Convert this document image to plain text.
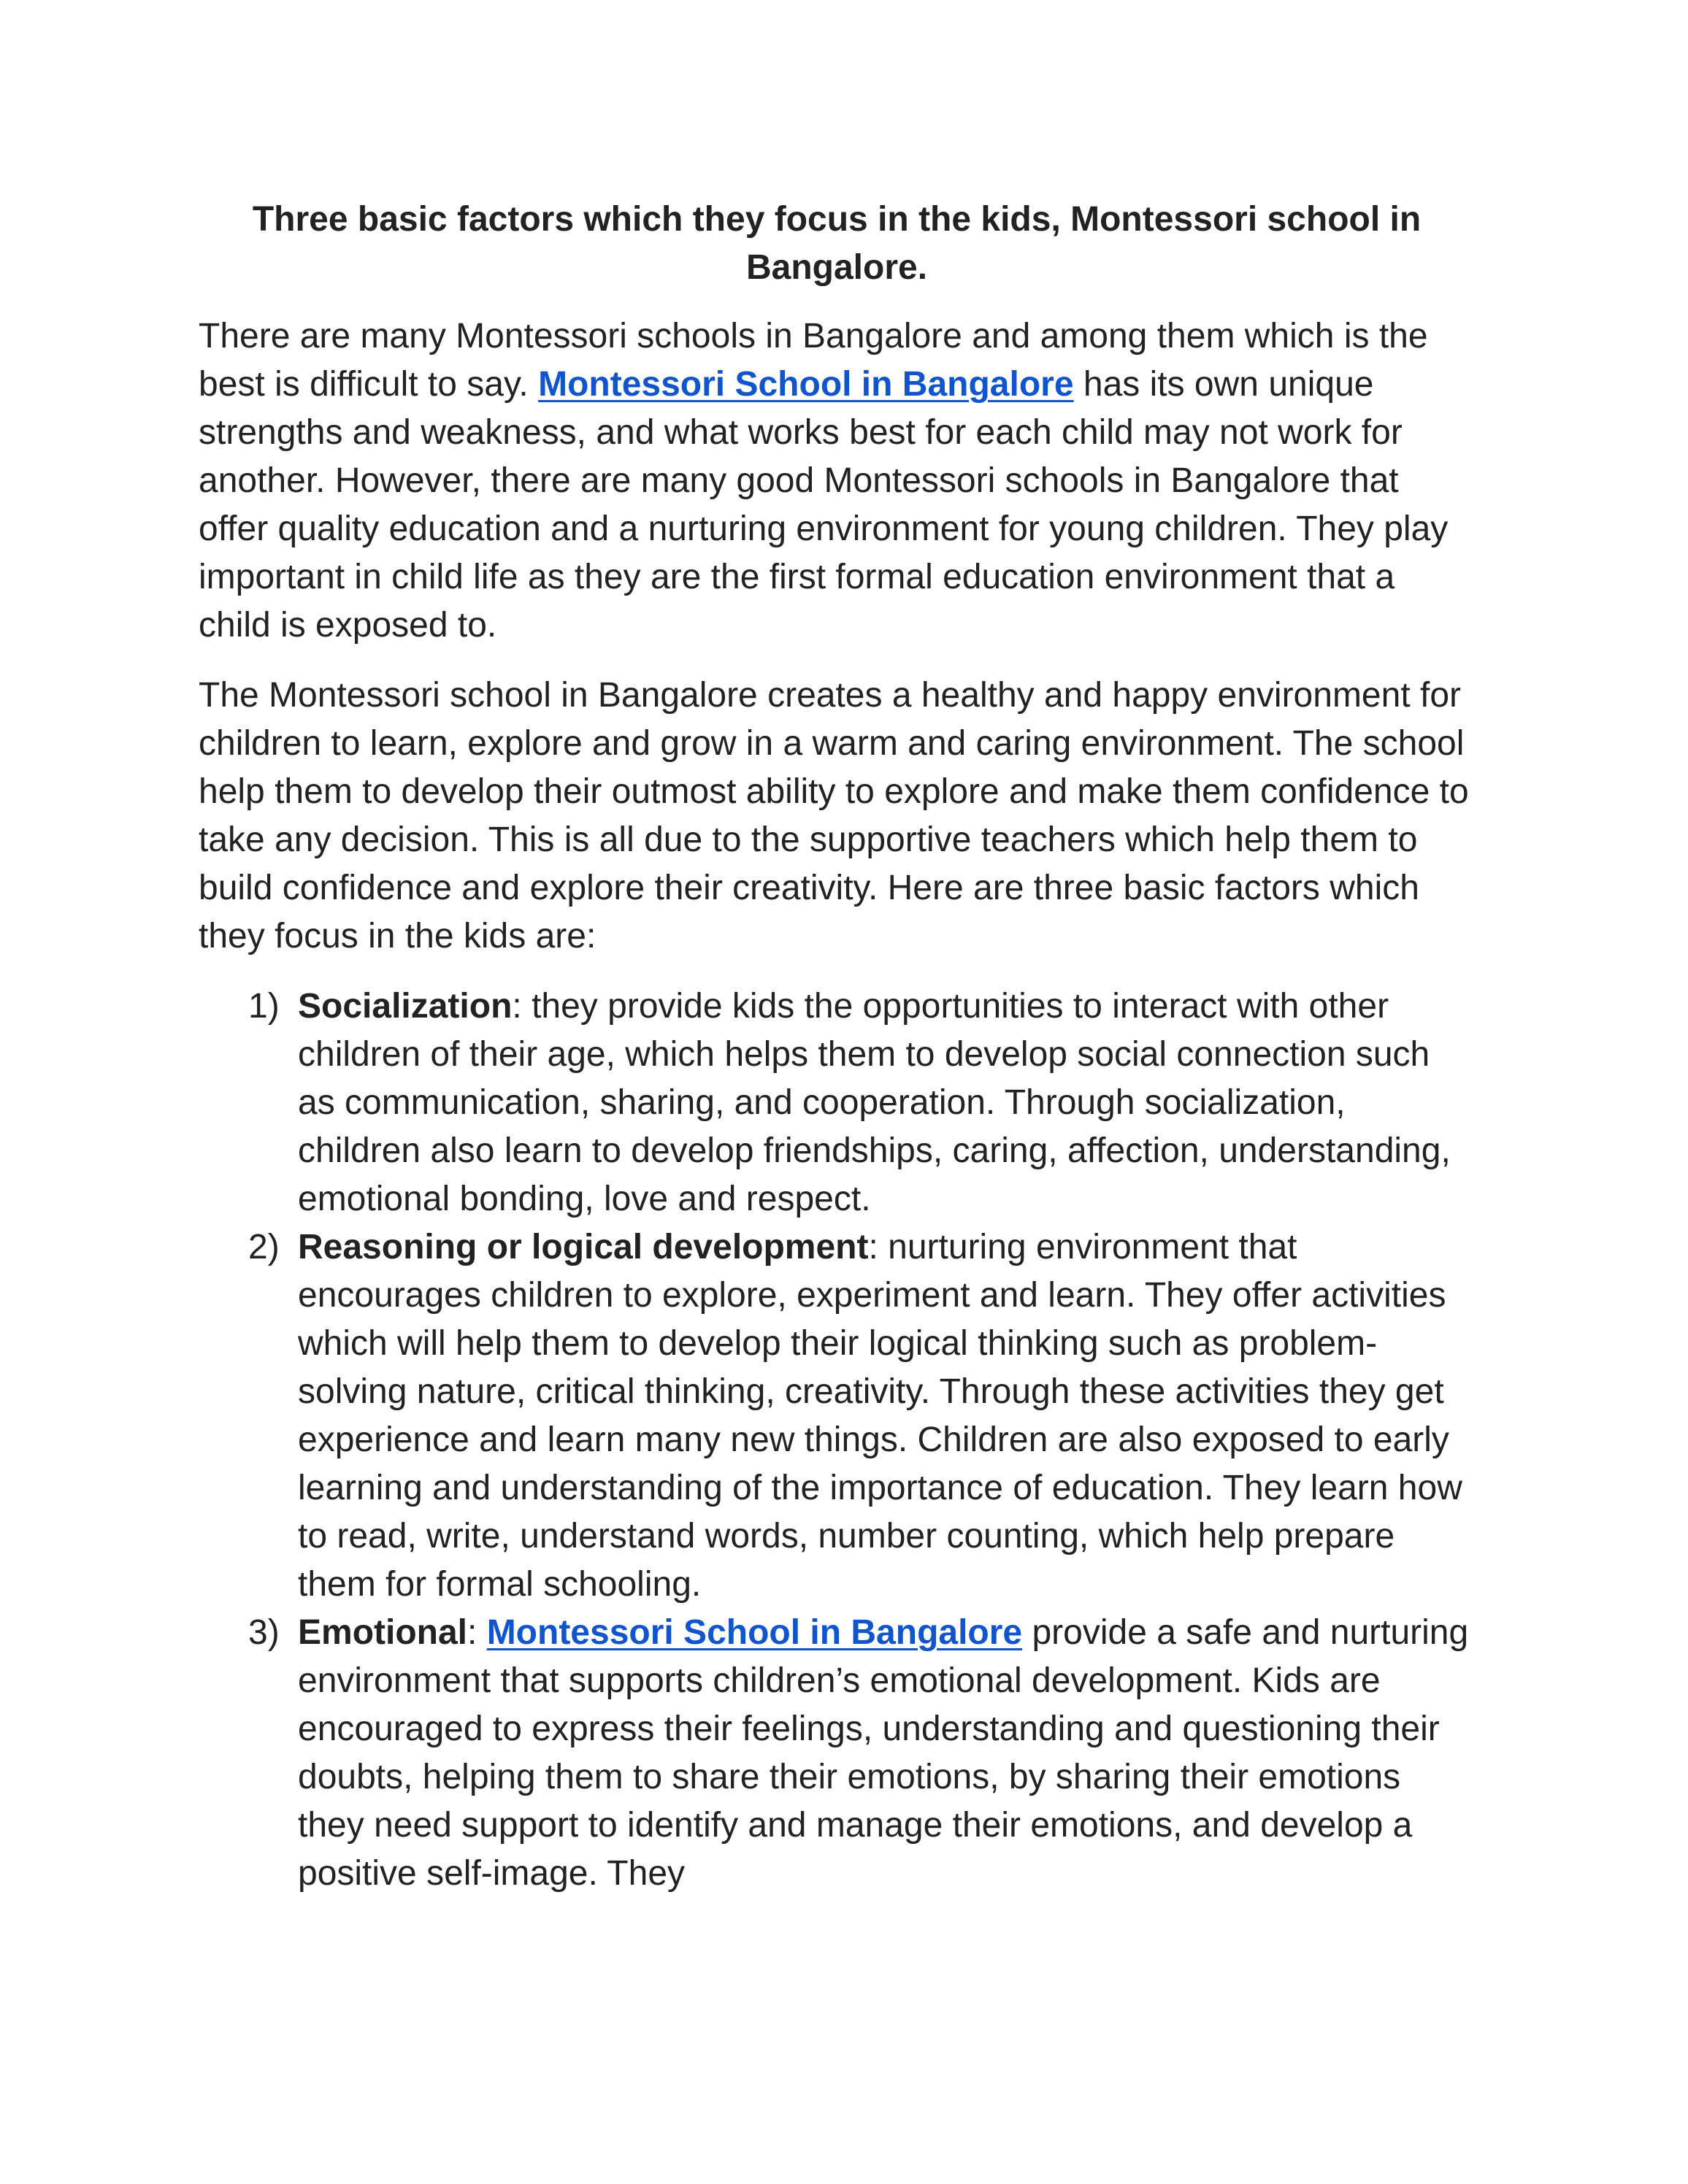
Three basic factors which they focus in the kids, Montessori school in Bangalore.

There are many Montessori schools in Bangalore and among them which is the best is difficult to say. Montessori School in Bangalore has its own unique strengths and weakness, and what works best for each child may not work for another. However, there are many good Montessori schools in Bangalore that offer quality education and a nurturing environment for young children. They play important in child life as they are the first formal education environment that a child is exposed to.

The Montessori school in Bangalore creates a healthy and happy environment for children to learn, explore and grow in a warm and caring environment. The school help them to develop their outmost ability to explore and make them confidence to take any decision. This is all due to the supportive teachers which help them to build confidence and explore their creativity. Here are three basic factors which they focus in the kids are:

1) Socialization: they provide kids the opportunities to interact with other children of their age, which helps them to develop social connection such as communication, sharing, and cooperation. Through socialization, children also learn to develop friendships, caring, affection, understanding, emotional bonding, love and respect.
2) Reasoning or logical development: nurturing environment that encourages children to explore, experiment and learn. They offer activities which will help them to develop their logical thinking such as problem-solving nature, critical thinking, creativity. Through these activities they get experience and learn many new things. Children are also exposed to early learning and understanding of the importance of education. They learn how to read, write, understand words, number counting, which help prepare them for formal schooling.
3) Emotional: Montessori School in Bangalore provide a safe and nurturing environment that supports children’s emotional development. Kids are encouraged to express their feelings, understanding and questioning their doubts, helping them to share their emotions, by sharing their emotions they need support to identify and manage their emotions, and develop a positive self-image. They
